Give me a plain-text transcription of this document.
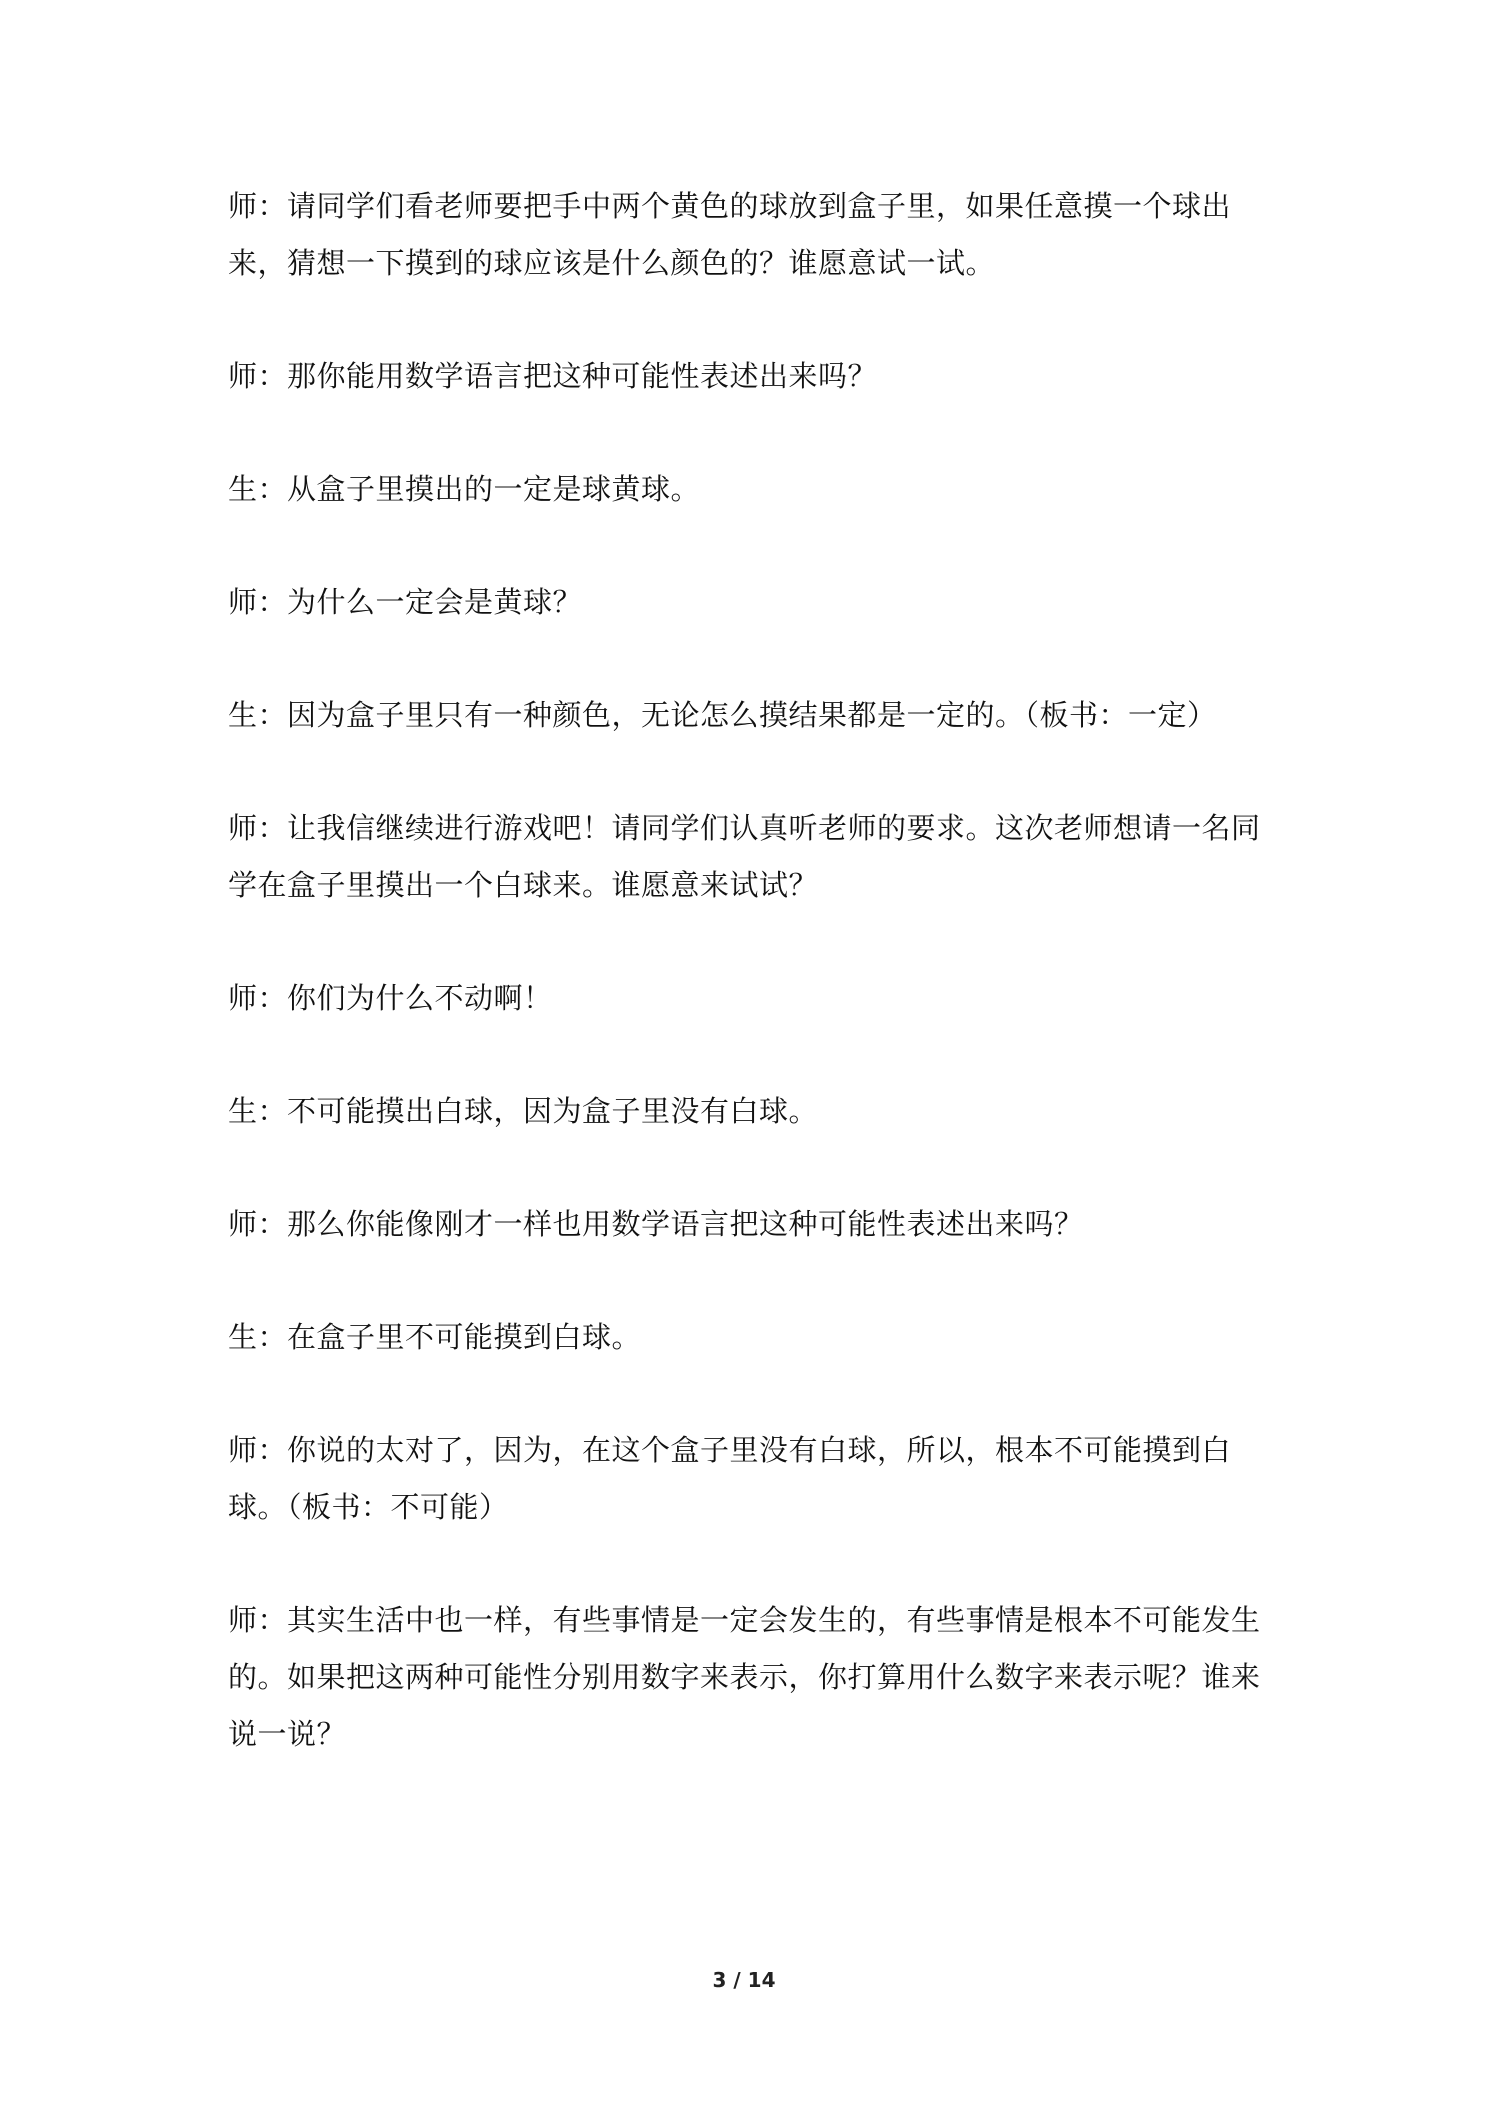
师：请同学们看老师要把手中两个黄色的球放到盒子里，如果任意摸一个球出来，猜想一下摸到的球应该是什么颜色的？谁愿意试一试。

师：那你能用数学语言把这种可能性表述出来吗？

生：从盒子里摸出的一定是球黄球。

师：为什么一定会是黄球？

生：因为盒子里只有一种颜色，无论怎么摸结果都是一定的。（板书：一定）

师：让我信继续进行游戏吧！请同学们认真听老师的要求。这次老师想请一名同学在盒子里摸出一个白球来。谁愿意来试试？

师：你们为什么不动啊！

生：不可能摸出白球，因为盒子里没有白球。

师：那么你能像刚才一样也用数学语言把这种可能性表述出来吗？

生：在盒子里不可能摸到白球。

师：你说的太对了，因为，在这个盒子里没有白球，所以，根本不可能摸到白球。（板书：不可能）

师：其实生活中也一样，有些事情是一定会发生的，有些事情是根本不可能发生的。如果把这两种可能性分别用数字来表示，你打算用什么数字来表示呢？谁来说一说？

3 / 14
